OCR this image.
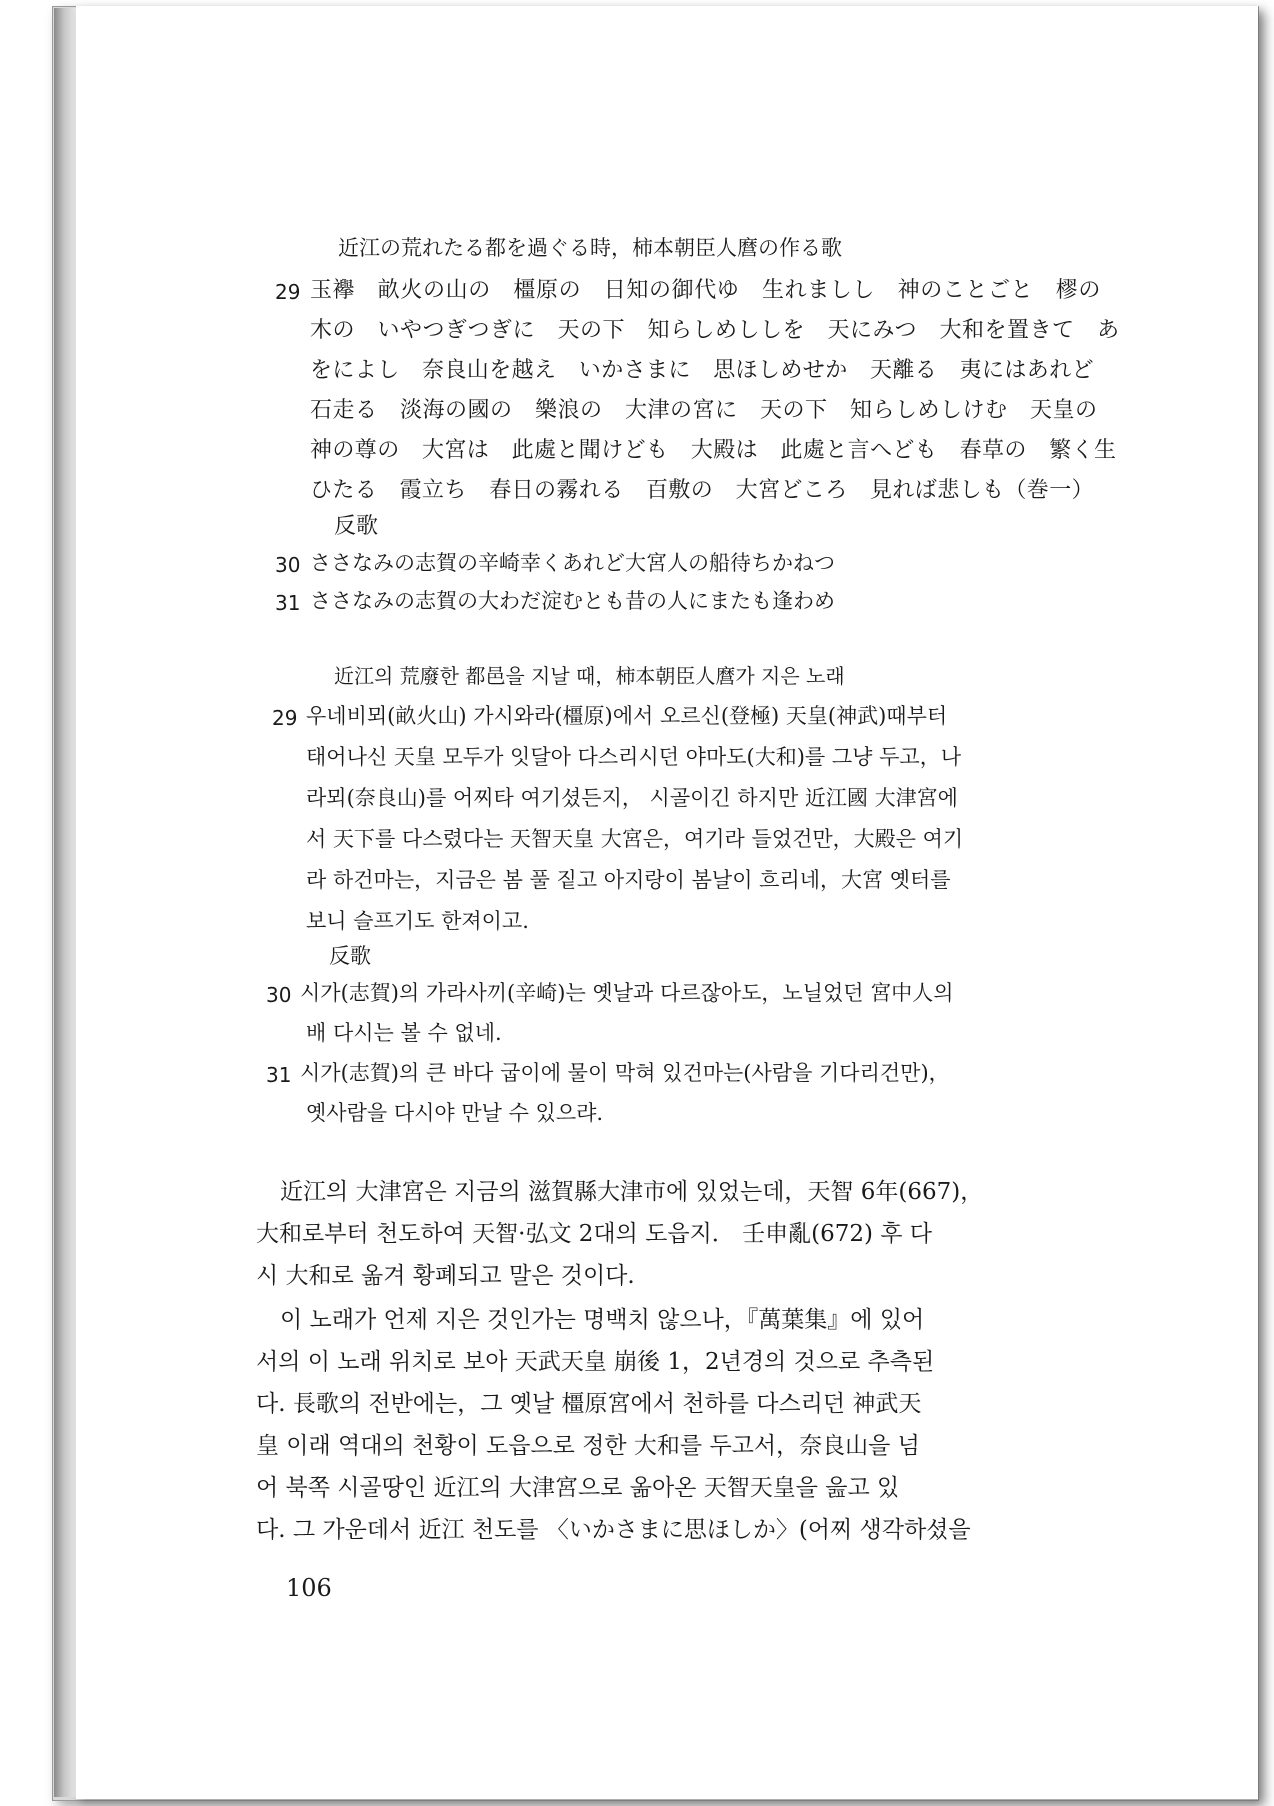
近江の荒れたる都を過ぐる時，柿本朝臣人麿の作る歌
29 玉襷　畝火の山の　橿原の　日知の御代ゆ　生れましし　神のことごと　樛の
木の　いやつぎつぎに　天の下　知らしめししを　天にみつ　大和を置きて　あ
をによし　奈良山を越え　いかさまに　思ほしめせか　天離る　夷にはあれど
石走る　淡海の國の　樂浪の　大津の宮に　天の下　知らしめしけむ　天皇の
神の尊の　大宮は　此處と聞けども　大殿は　此處と言へども　春草の　繁く生
ひたる　霞立ち　春日の霧れる　百敷の　大宮どころ　見れば悲しも（巻一）
反歌
30 ささなみの志賀の辛崎幸くあれど大宮人の船待ちかねつ
31 ささなみの志賀の大わだ淀むとも昔の人にまたも逢わめ
近江의 荒廢한 都邑을 지날 때，柿本朝臣人麿가 지은 노래
29 우네비뫼(畝火山) 가시와라(橿原)에서 오르신(登極) 天皇(神武)때부터
태어나신 天皇 모두가 잇달아 다스리시던 야마도(大和)를 그냥 두고，나
라뫼(奈良山)를 어찌타 여기셨든지， 시골이긴 하지만 近江國 大津宮에
서 天下를 다스렸다는 天智天皇 大宮은，여기라 들었건만，大殿은 여기
라 하건마는，지금은 봄 풀 짙고 아지랑이 봄날이 흐리네，大宮 옛터를
보니 슬프기도 한져이고.
反歌
30 시가(志賀)의 가라사끼(辛崎)는 옛날과 다르잖아도，노닐었던 宮中人의
배 다시는 볼 수 없네.
31 시가(志賀)의 큰 바다 굽이에 물이 막혀 있건마는(사람을 기다리건만)，
옛사람을 다시야 만날 수 있으랴.
近江의 大津宮은 지금의 滋賀縣大津市에 있었는데，天智 6年(667)，
大和로부터 천도하여 天智·弘文 2대의 도읍지． 壬申亂(672) 후 다
시 大和로 옮겨 황폐되고 말은 것이다.
이 노래가 언제 지은 것인가는 명백치 않으나，『萬葉集』에 있어
서의 이 노래 위치로 보아 天武天皇 崩後 1，2년경의 것으로 추측된
다. 長歌의 전반에는，그 옛날 橿原宮에서 천하를 다스리던 神武天
皇 이래 역대의 천황이 도읍으로 정한 大和를 두고서，奈良山을 넘
어 북쪽 시골땅인 近江의 大津宮으로 옮아온 天智天皇을 읊고 있
다. 그 가운데서 近江 천도를 〈いかさまに思ほしか〉(어찌 생각하셨을
106
